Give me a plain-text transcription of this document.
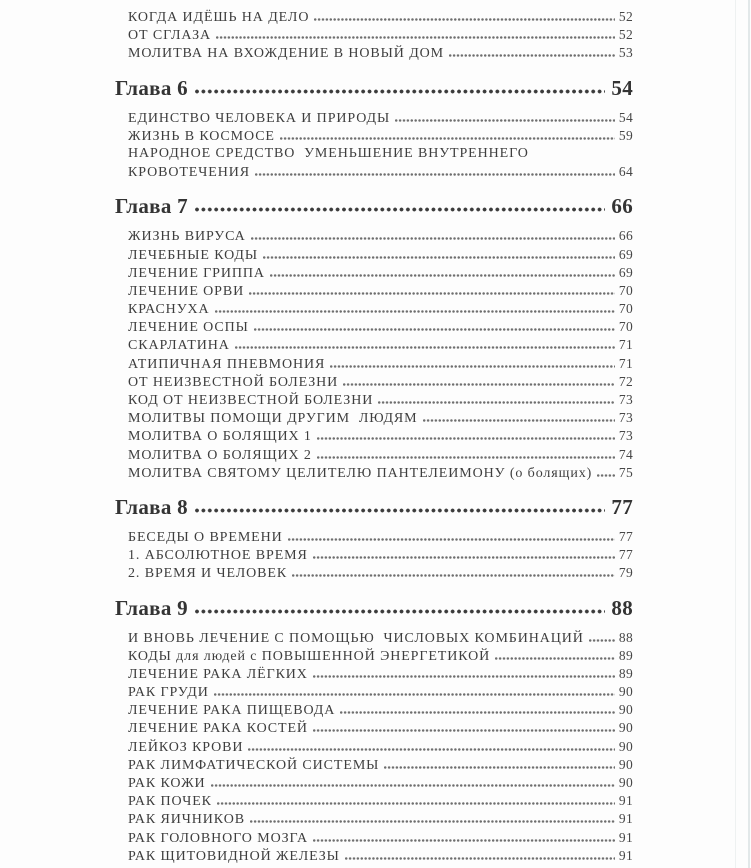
КОГДА ИДЁШЬ НА ДЕЛО	52
ОТ СГЛАЗА	52
МОЛИТВА НА ВХОЖДЕНИЕ В НОВЫЙ ДОМ	53
Глава 6	54
ЕДИНСТВО ЧЕЛОВЕКА И ПРИРОДЫ	54
ЖИЗНЬ В КОСМОСЕ	59
НАРОДНОЕ СРЕДСТВО  УМЕНЬШЕНИЕ ВНУТРЕННЕГО
КРОВОТЕЧЕНИЯ	64
Глава 7	66
ЖИЗНЬ ВИРУСА	66
ЛЕЧЕБНЫЕ КОДЫ	69
ЛЕЧЕНИЕ ГРИППА	69
ЛЕЧЕНИЕ ОРВИ	70
КРАСНУХА	70
ЛЕЧЕНИЕ ОСПЫ	70
СКАРЛАТИНА	71
АТИПИЧНАЯ ПНЕВМОНИЯ	71
ОТ НЕИЗВЕСТНОЙ БОЛЕЗНИ	72
КОД ОТ НЕИЗВЕСТНОЙ БОЛЕЗНИ	73
МОЛИТВЫ ПОМОЩИ ДРУГИМ  ЛЮДЯМ	73
МОЛИТВА О БОЛЯЩИХ 1	73
МОЛИТВА О БОЛЯЩИХ 2	74
МОЛИТВА СВЯТОМУ ЦЕЛИТЕЛЮ ПАНТЕЛЕИМОНУ (о болящих) 75
Глава 8	77
БЕСЕДЫ О ВРЕМЕНИ	77
1. АБСОЛЮТНОЕ ВРЕМЯ	77
2. ВРЕМЯ И ЧЕЛОВЕК	79
Глава 9	88
И ВНОВЬ ЛЕЧЕНИЕ С ПОМОЩЬЮ  ЧИСЛОВЫХ КОМБИНАЦИЙ	88
КОДЫ для людей с ПОВЫШЕННОЙ ЭНЕРГЕТИКОЙ	89
ЛЕЧЕНИЕ РАКА ЛЁГКИХ	89
РАК ГРУДИ	90
ЛЕЧЕНИЕ РАКА ПИЩЕВОДА	90
ЛЕЧЕНИЕ РАКА КОСТЕЙ	90
ЛЕЙКОЗ КРОВИ	90
РАК ЛИМФАТИЧЕСКОЙ СИСТЕМЫ	90
РАК КОЖИ	90
РАК ПОЧЕК	91
РАК ЯИЧНИКОВ	91
РАК ГОЛОВНОГО МОЗГА	91
РАК ЩИТОВИДНОЙ ЖЕЛЕЗЫ	91
